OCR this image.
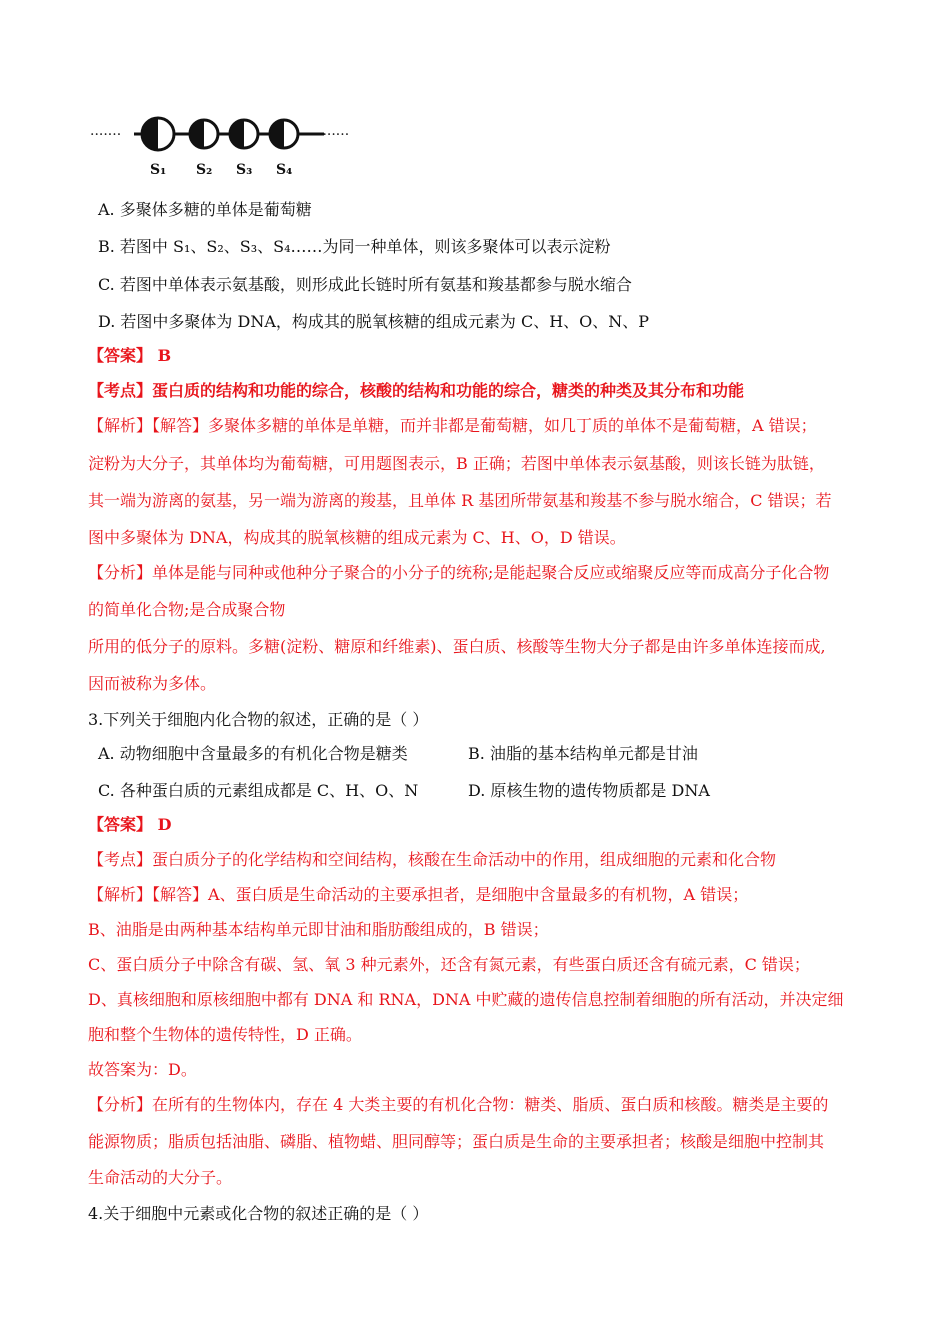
·······	·······
S₁ S₂ S₃ S₄
A. 多聚体多糖的单体是葡萄糖
B. 若图中 S₁、S₂、S₃、S₄……为同一种单体，则该多聚体可以表示淀粉
C. 若图中单体表示氨基酸，则形成此长链时所有氨基和羧基都参与脱水缩合
D. 若图中多聚体为 DNA，构成其的脱氧核糖的组成元素为 C、H、O、N、P
【答案】 B
【考点】蛋白质的结构和功能的综合，核酸的结构和功能的综合，糖类的种类及其分布和功能
【解析】【解答】多聚体多糖的单体是单糖，而并非都是葡萄糖，如几丁质的单体不是葡萄糖，A 错误；
淀粉为大分子，其单体均为葡萄糖，可用题图表示，B 正确；若图中单体表示氨基酸，则该长链为肽链，
其一端为游离的氨基，另一端为游离的羧基，且单体 R 基团所带氨基和羧基不参与脱水缩合，C 错误；若
图中多聚体为 DNA，构成其的脱氧核糖的组成元素为 C、H、O，D 错误。
【分析】单体是能与同种或他种分子聚合的小分子的统称;是能起聚合反应或缩聚反应等而成高分子化合物
的简单化合物;是合成聚合物
所用的低分子的原料。多糖(淀粉、糖原和纤维素)、蛋白质、核酸等生物大分子都是由许多单体连接而成,
因而被称为多体。
3.下列关于细胞内化合物的叙述，正确的是（ ）
A. 动物细胞中含量最多的有机化合物是糖类	B. 油脂的基本结构单元都是甘油
C. 各种蛋白质的元素组成都是 C、H、O、N	D. 原核生物的遗传物质都是 DNA
【答案】 D
【考点】蛋白质分子的化学结构和空间结构，核酸在生命活动中的作用，组成细胞的元素和化合物
【解析】【解答】A、蛋白质是生命活动的主要承担者，是细胞中含量最多的有机物，A 错误；
B、油脂是由两种基本结构单元即甘油和脂肪酸组成的，B 错误；
C、蛋白质分子中除含有碳、氢、氧 3 种元素外，还含有氮元素，有些蛋白质还含有硫元素，C 错误；
D、真核细胞和原核细胞中都有 DNA 和 RNA，DNA 中贮藏的遗传信息控制着细胞的所有活动，并决定细
胞和整个生物体的遗传特性，D 正确。
故答案为：D。
【分析】在所有的生物体内，存在 4 大类主要的有机化合物：糖类、脂质、蛋白质和核酸。糖类是主要的
能源物质；脂质包括油脂、磷脂、植物蜡、胆同醇等；蛋白质是生命的主要承担者；核酸是细胞中控制其
生命活动的大分子。
4.关于细胞中元素或化合物的叙述正确的是（ ）
